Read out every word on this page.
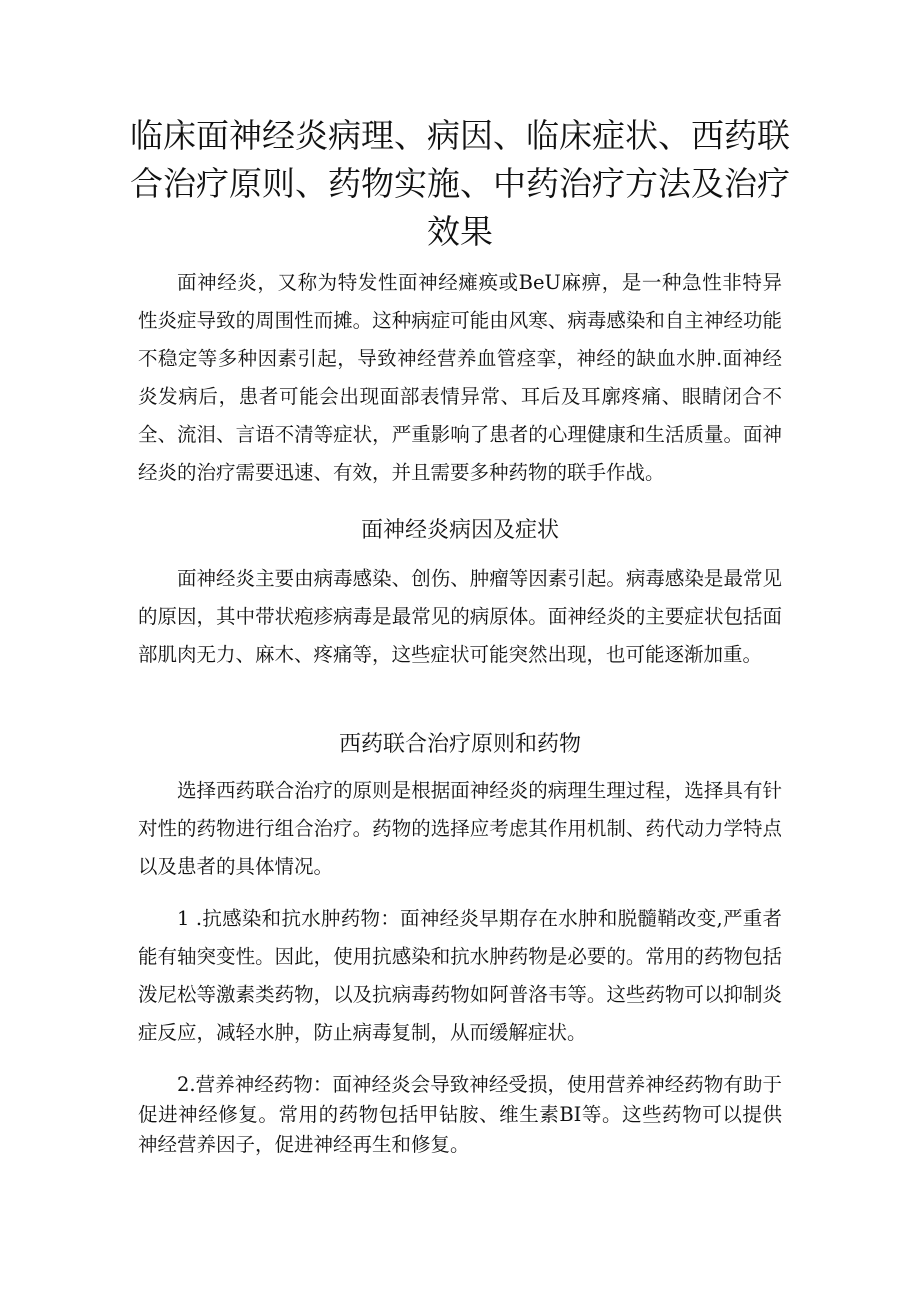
临床面神经炎病理、病因、临床症状、西药联合治疗原则、药物实施、中药治疗方法及治疗效果

面神经炎，又称为特发性面神经瘫痪或BeU麻痹，是一种急性非特异性炎症导致的周围性而摊。这种病症可能由风寒、病毒感染和自主神经功能不稳定等多种因素引起，导致神经营养血管痉挛，神经的缺血水肿.面神经炎发病后，患者可能会出现面部表情异常、耳后及耳廓疼痛、眼睛闭合不全、流泪、言语不清等症状，严重影响了患者的心理健康和生活质量。面神经炎的治疗需要迅速、有效，并且需要多种药物的联手作战。

面神经炎病因及症状

面神经炎主要由病毒感染、创伤、肿瘤等因素引起。病毒感染是最常见的原因，其中带状疱疹病毒是最常见的病原体。面神经炎的主要症状包括面部肌肉无力、麻木、疼痛等，这些症状可能突然出现，也可能逐渐加重。

西药联合治疗原则和药物

选择西药联合治疗的原则是根据面神经炎的病理生理过程，选择具有针对性的药物进行组合治疗。药物的选择应考虑其作用机制、药代动力学特点以及患者的具体情况。

1 .抗感染和抗水肿药物：面神经炎早期存在水肿和脱髓鞘改变,严重者能有轴突变性。因此，使用抗感染和抗水肿药物是必要的。常用的药物包括泼尼松等激素类药物，以及抗病毒药物如阿普洛韦等。这些药物可以抑制炎症反应，减轻水肿，防止病毒复制，从而缓解症状。

2.营养神经药物：面神经炎会导致神经受损，使用营养神经药物有助于促进神经修复。常用的药物包括甲钻胺、维生素BI等。这些药物可以提供神经营养因子，促进神经再生和修复。
